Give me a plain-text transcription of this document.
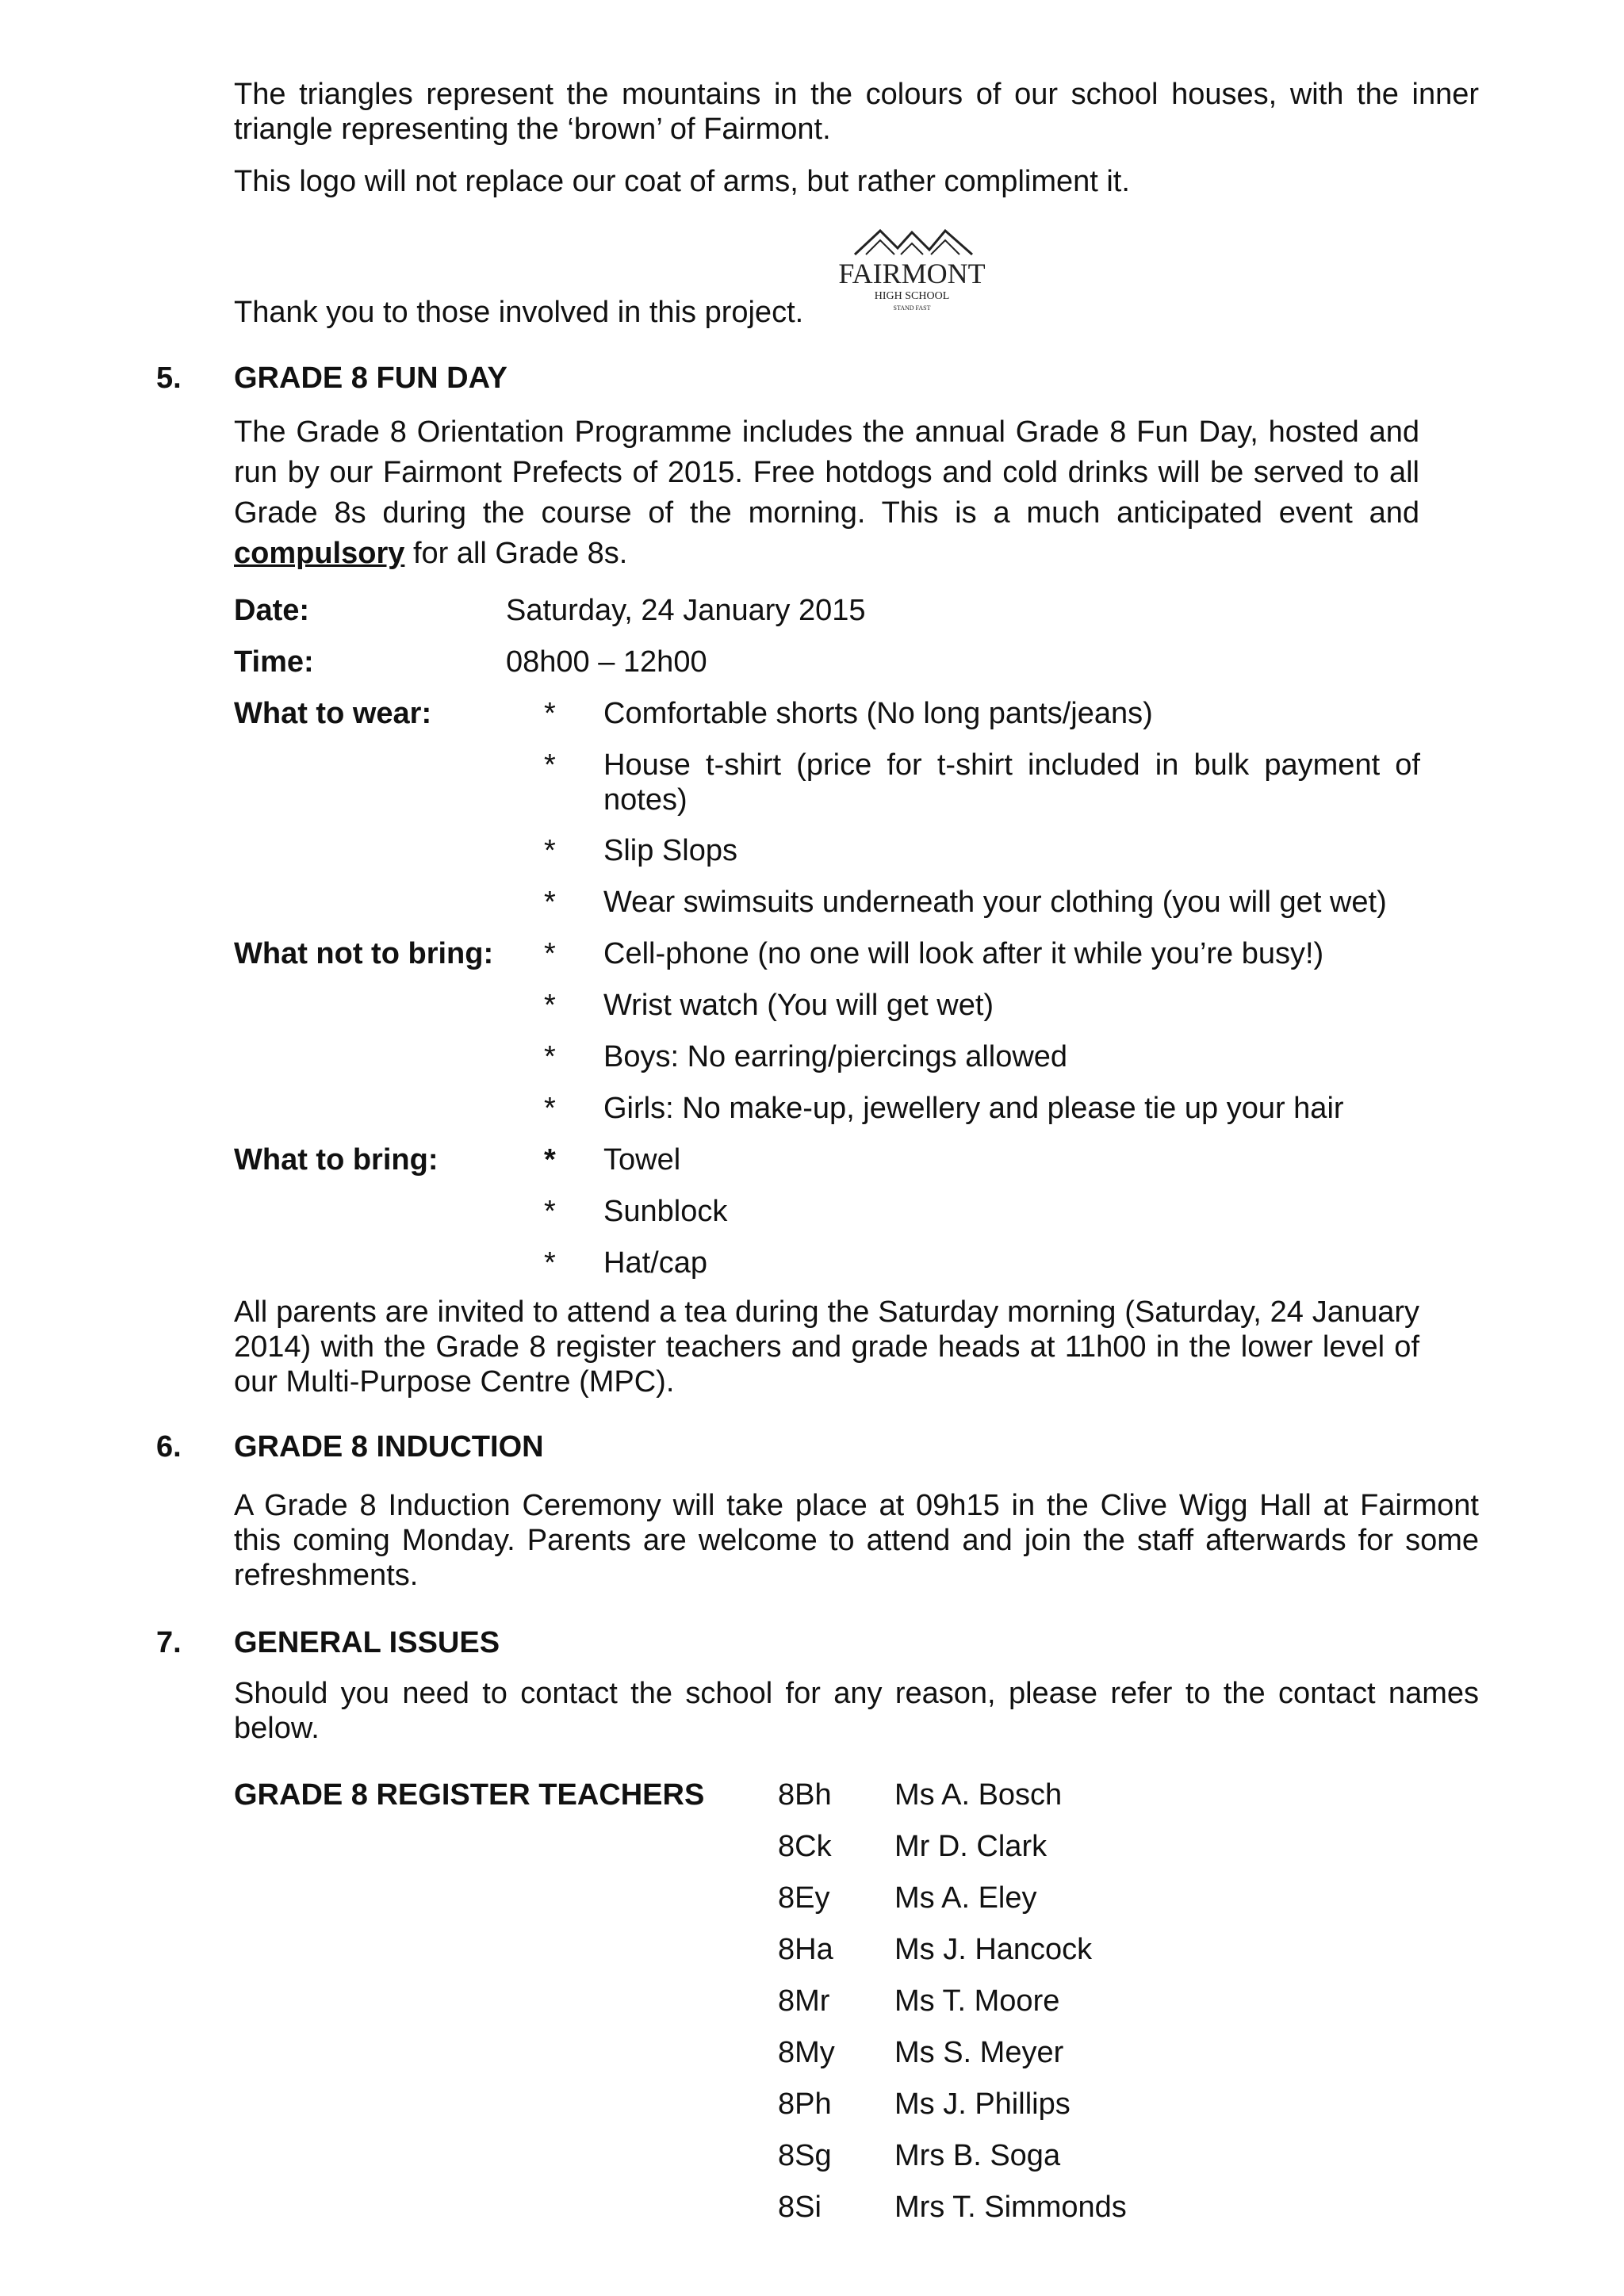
The triangles represent the mountains in the colours of our school houses, with the inner triangle representing the ‘brown’ of Fairmont.
This logo will not replace our coat of arms, but rather compliment it.
Thank you to those involved in this project.
FAIRMONT
HIGH SCHOOL
STAND FAST
5. GRADE 8 FUN DAY
The Grade 8 Orientation Programme includes the annual Grade 8 Fun Day, hosted and run by our Fairmont Prefects of 2015. Free hotdogs and cold drinks will be served to all Grade 8s during the course of the morning. This is a much anticipated event and compulsory for all Grade 8s.
Date:	Saturday, 24 January 2015
Time:	08h00 – 12h00
What to wear:	* Comfortable shorts (No long pants/jeans)
* House t-shirt (price for t-shirt included in bulk payment of notes)
* Slip Slops
* Wear swimsuits underneath your clothing (you will get wet)
What not to bring: * Cell-phone (no one will look after it while you’re busy!)
* Wrist watch (You will get wet)
* Boys: No earring/piercings allowed
* Girls: No make-up, jewellery and please tie up your hair
What to bring:	* Towel
* Sunblock
* Hat/cap
All parents are invited to attend a tea during the Saturday morning (Saturday, 24 January 2014) with the Grade 8 register teachers and grade heads at 11h00 in the lower level of our Multi-Purpose Centre (MPC).
6. GRADE 8 INDUCTION
A Grade 8 Induction Ceremony will take place at 09h15 in the Clive Wigg Hall at Fairmont this coming Monday. Parents are welcome to attend and join the staff afterwards for some refreshments.
7. GENERAL ISSUES
Should you need to contact the school for any reason, please refer to the contact names below.
GRADE 8 REGISTER TEACHERS 8Bh Ms A. Bosch
8Ck Mr D. Clark
8Ey Ms A. Eley
8Ha Ms J. Hancock
8Mr Ms T. Moore
8My Ms S. Meyer
8Ph Ms J. Phillips
8Sg Mrs B. Soga
8Si Mrs T. Simmonds
